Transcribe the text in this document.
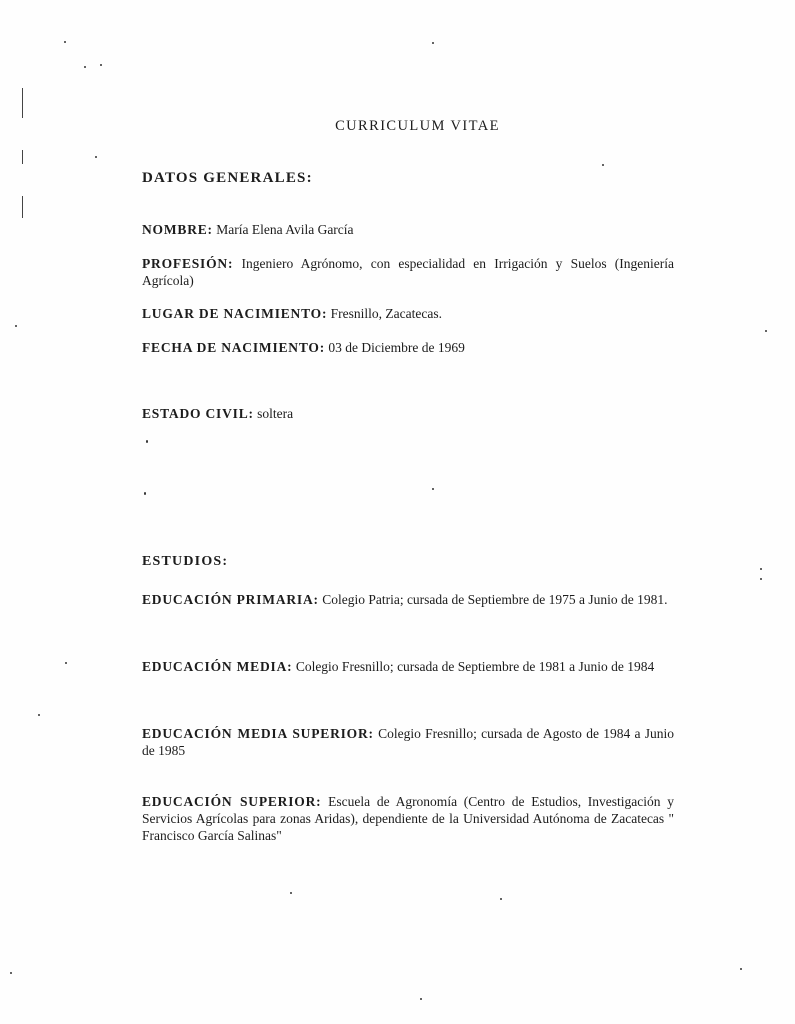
CURRICULUM VITAE
DATOS GENERALES:
NOMBRE: María Elena Avila García
PROFESIÓN: Ingeniero Agrónomo, con especialidad en Irrigación y Suelos (Ingeniería Agrícola)
LUGAR DE NACIMIENTO: Fresnillo, Zacatecas.
FECHA DE NACIMIENTO: 03 de Diciembre de 1969
ESTADO CIVIL: soltera
ESTUDIOS:
EDUCACIÓN PRIMARIA: Colegio Patria; cursada de Septiembre de 1975 a Junio de 1981.
EDUCACIÓN MEDIA: Colegio Fresnillo; cursada de Septiembre de 1981 a Junio de 1984
EDUCACIÓN MEDIA SUPERIOR: Colegio Fresnillo; cursada de Agosto de 1984 a Junio de 1985
EDUCACIÓN SUPERIOR: Escuela de Agronomía (Centro de Estudios, Investigación y Servicios Agrícolas para zonas Aridas), dependiente de la Universidad Autónoma de Zacatecas " Francisco García Salinas"
